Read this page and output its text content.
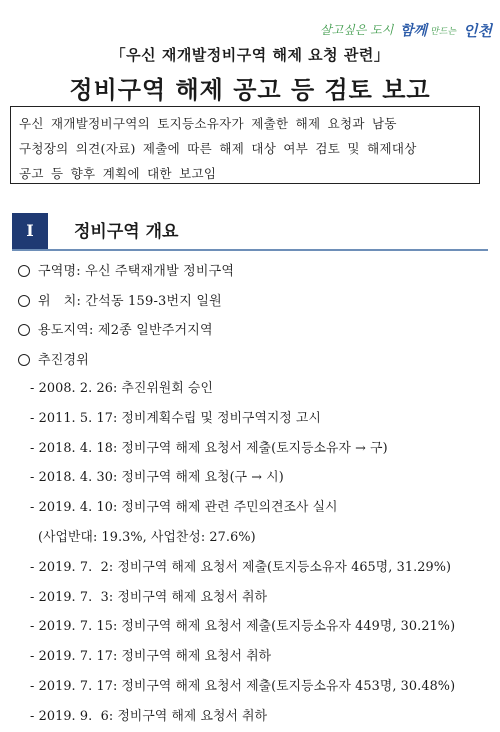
살고싶은 도시 함께 만드는 인천
「우신 재개발정비구역 해제 요청 관련」
정비구역 해제 공고 등 검토 보고
우신 재개발정비구역의 토지등소유자가 제출한 해제 요청과 남동
구청장의 의견(자료) 제출에 따른 해제 대상 여부 검토 및 해제대상
공고 등 향후 계획에 대한 보고임
I	정비구역 개요
구역명: 우신 주택재개발 정비구역
위   치: 간석동 159-3번지 일원
용도지역: 제2종 일반주거지역
추진경위
- 2008. 2. 26: 추진위원회 승인
- 2011. 5. 17: 정비계획수립 및 정비구역지정 고시
- 2018. 4. 18: 정비구역 해제 요청서 제출(토지등소유자 → 구)
- 2018. 4. 30: 정비구역 해제 요청(구 → 시)
- 2019. 4. 10: 정비구역 해제 관련 주민의견조사 실시
(사업반대: 19.3%, 사업찬성: 27.6%)
- 2019. 7.  2: 정비구역 해제 요청서 제출(토지등소유자 465명, 31.29%)
- 2019. 7.  3: 정비구역 해제 요청서 취하
- 2019. 7. 15: 정비구역 해제 요청서 제출(토지등소유자 449명, 30.21%)
- 2019. 7. 17: 정비구역 해제 요청서 취하
- 2019. 7. 17: 정비구역 해제 요청서 제출(토지등소유자 453명, 30.48%)
- 2019. 9.  6: 정비구역 해제 요청서 취하
